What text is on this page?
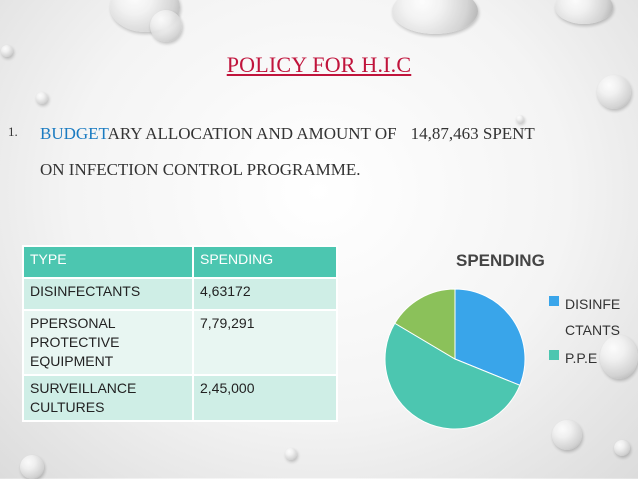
POLICY FOR H.I.C
1. BUDGETARY ALLOCATION AND AMOUNT OF 14,87,463 SPENT
ON INFECTION CONTROL PROGRAMME.
TYPE	SPENDING
DISINFECTANTS	4,63172
PPERSONAL PROTECTIVE EQUIPMENT	7,79,291
SURVEILLANCE CULTURES	2,45,000
SPENDING
DISINFE CTANTS
P.P.E
